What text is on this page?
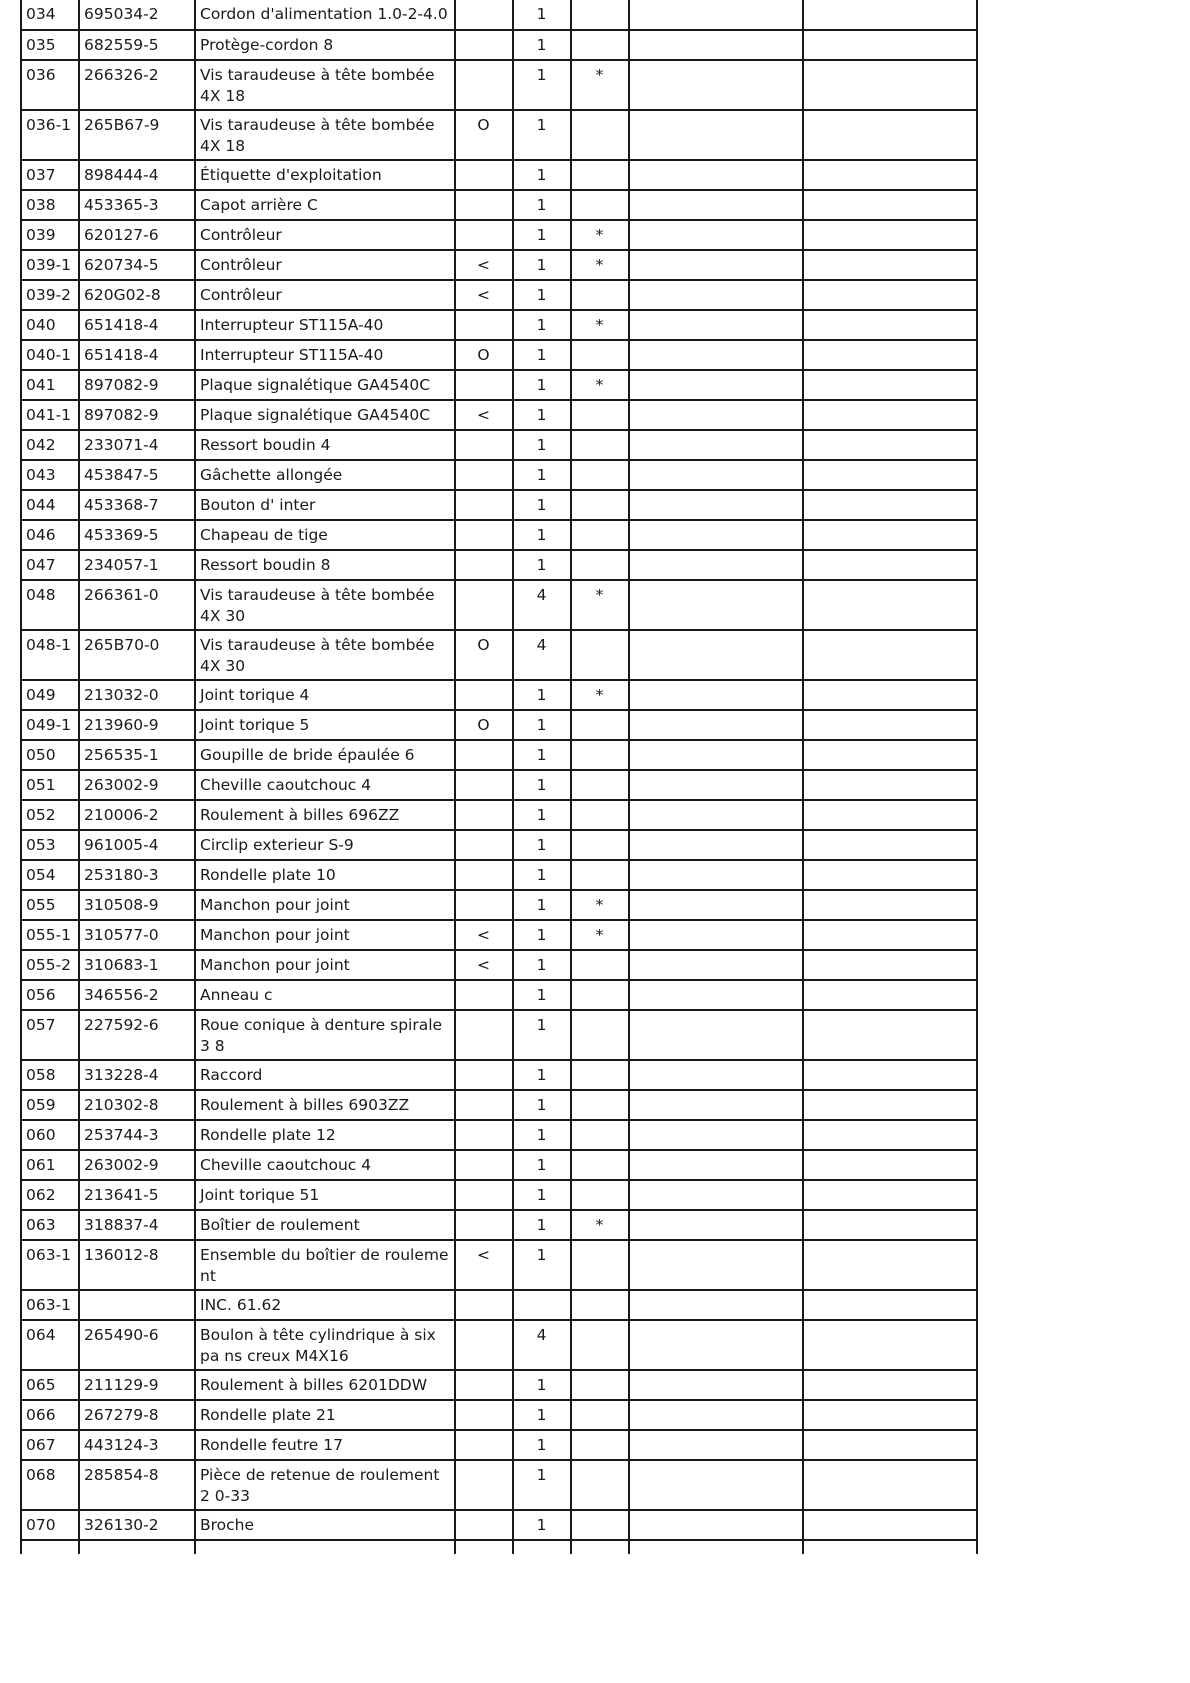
034	695034-2	Cordon d'alimentation 1.0-2-4.0		1			

035	682559-5	Protège-cordon 8		1			

036	266326-2	Vis taraudeuse à tête bombée 4X 18		1	*		

036-1	265B67-9	Vis taraudeuse à tête bombée 4X 18	O	1			

037	898444-4	Étiquette d'exploitation		1			

038	453365-3	Capot arrière C		1			

039	620127-6	Contrôleur		1	*		

039-1	620734-5	Contrôleur	<	1	*		

039-2	620G02-8	Contrôleur	<	1			

040	651418-4	Interrupteur ST115A-40		1	*		

040-1	651418-4	Interrupteur ST115A-40	O	1			

041	897082-9	Plaque signalétique GA4540C		1	*		

041-1	897082-9	Plaque signalétique GA4540C	<	1			

042	233071-4	Ressort boudin 4		1			

043	453847-5	Gâchette allongée		1			

044	453368-7	Bouton d' inter		1			

046	453369-5	Chapeau de tige		1			

047	234057-1	Ressort boudin 8		1			

048	266361-0	Vis taraudeuse à tête bombée 4X 30		4	*		

048-1	265B70-0	Vis taraudeuse à tête bombée 4X 30	O	4			

049	213032-0	Joint torique 4		1	*		

049-1	213960-9	Joint torique 5	O	1			

050	256535-1	Goupille de bride épaulée 6		1			

051	263002-9	Cheville caoutchouc 4		1			

052	210006-2	Roulement à billes 696ZZ		1			

053	961005-4	Circlip exterieur S-9		1			

054	253180-3	Rondelle plate 10		1			

055	310508-9	Manchon pour joint		1	*		

055-1	310577-0	Manchon pour joint	<	1	*		

055-2	310683-1	Manchon pour joint	<	1			

056	346556-2	Anneau c		1			

057	227592-6	Roue conique à denture spirale 3 8		1			

058	313228-4	Raccord		1			

059	210302-8	Roulement à billes 6903ZZ		1			

060	253744-3	Rondelle plate 12		1			

061	263002-9	Cheville caoutchouc 4		1			

062	213641-5	Joint torique 51		1			

063	318837-4	Boîtier de roulement		1	*		

063-1	136012-8	Ensemble du boîtier de rouleme nt	<	1			

063-1		INC. 61.62					

064	265490-6	Boulon à tête cylindrique à six pa ns creux M4X16		4			

065	211129-9	Roulement à billes 6201DDW		1			

066	267279-8	Rondelle plate 21		1			

067	443124-3	Rondelle feutre 17		1			

068	285854-8	Pièce de retenue de roulement 2 0-33		1			

070	326130-2	Broche		1			
